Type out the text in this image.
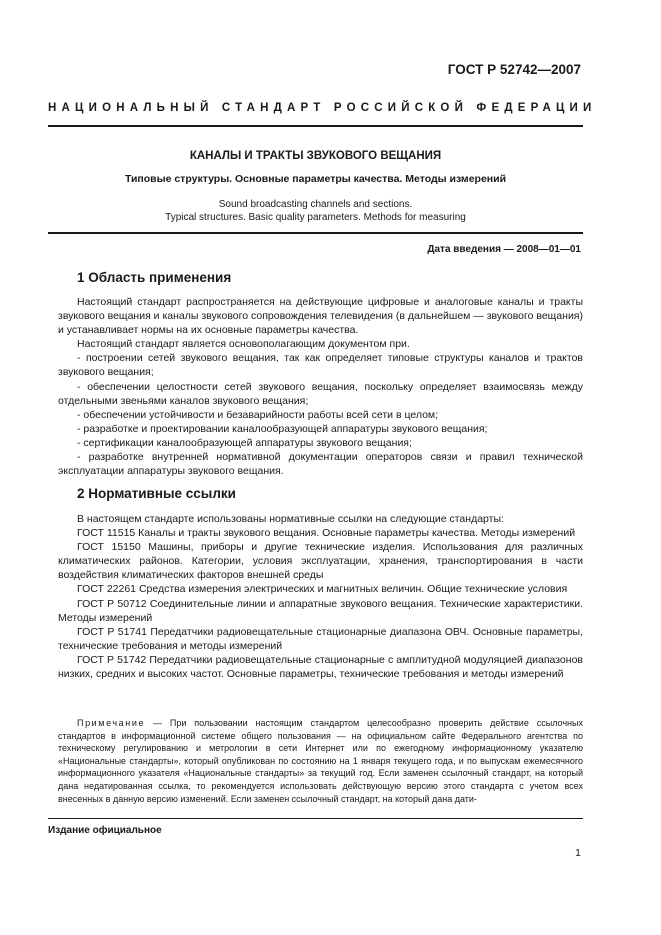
ГОСТ Р 52742—2007
НАЦИОНАЛЬНЫЙ СТАНДАРТ РОССИЙСКОЙ ФЕДЕРАЦИИ
КАНАЛЫ И ТРАКТЫ ЗВУКОВОГО ВЕЩАНИЯ
Типовые структуры. Основные параметры качества. Методы измерений
Sound broadcasting channels and sections.
Typical structures. Basic quality parameters. Methods for measuring
Дата введения — 2008—01—01
1 Область применения

Настоящий стандарт распространяется на действующие цифровые и аналоговые каналы и тракты звукового вещания и каналы звукового сопровождения телевидения (в дальнейшем — звукового вещания) и устанавливает нормы на их основные параметры качества.

Настоящий стандарт является основополагающим документом при.

- построении сетей звукового вещания, так как определяет типовые структуры каналов и трактов звукового вещания;

- обеспечении целостности сетей звукового вещания, поскольку определяет взаимосвязь между отдельными звеньями каналов звукового вещания;

- обеспечении устойчивости и безаварийности работы всей сети в целом;

- разработке и проектировании каналообразующей аппаратуры звукового вещания;

- сертификации каналообразующей аппаратуры звукового вещания;

- разработке внутренней нормативной документации операторов связи и правил технической эксплуатации аппаратуры звукового вещания.

2 Нормативные ссылки

В настоящем стандарте использованы нормативные ссылки на следующие стандарты:

ГОСТ 11515 Каналы и тракты звукового вещания. Основные параметры качества. Методы измерений

ГОСТ 15150 Машины, приборы и другие технические изделия. Использования для различных климатических районов. Категории, условия эксплуатации, хранения, транспортирования в части воздействия климатических факторов внешней среды

ГОСТ 22261 Средства измерения электрических и магнитных величин. Общие технические условия

ГОСТ Р 50712 Соединительные линии и аппаратные звукового вещания. Технические характеристики. Методы измерений

ГОСТ Р 51741 Передатчики радиовещательные стационарные диапазона ОВЧ. Основные параметры, технические требования и методы измерений

ГОСТ Р 51742 Передатчики радиовещательные стационарные с амплитудной модуляцией диапазонов низких, средних и высоких частот. Основные параметры, технические требования и методы измерений

Примечание — При пользовании настоящим стандартом целесообразно проверить действие ссылочных стандартов в информационной системе общего пользования — на официальном сайте Федерального агентства по техническому регулированию и метрологии в сети Интернет или по ежегодному информационному указателю «Национальные стандарты», который опубликован по состоянию на 1 января текущего года, и по выпускам ежемесячного информационного указателя «Национальные стандарты» за текущий год. Если заменен ссылочный стандарт, на который дана недатированная ссылка, то рекомендуется использовать действующую версию этого стандарта с учетом всех внесенных в данную версию изменений. Если заменен ссылочный стандарт, на который дана дати-

Издание официальное
1
